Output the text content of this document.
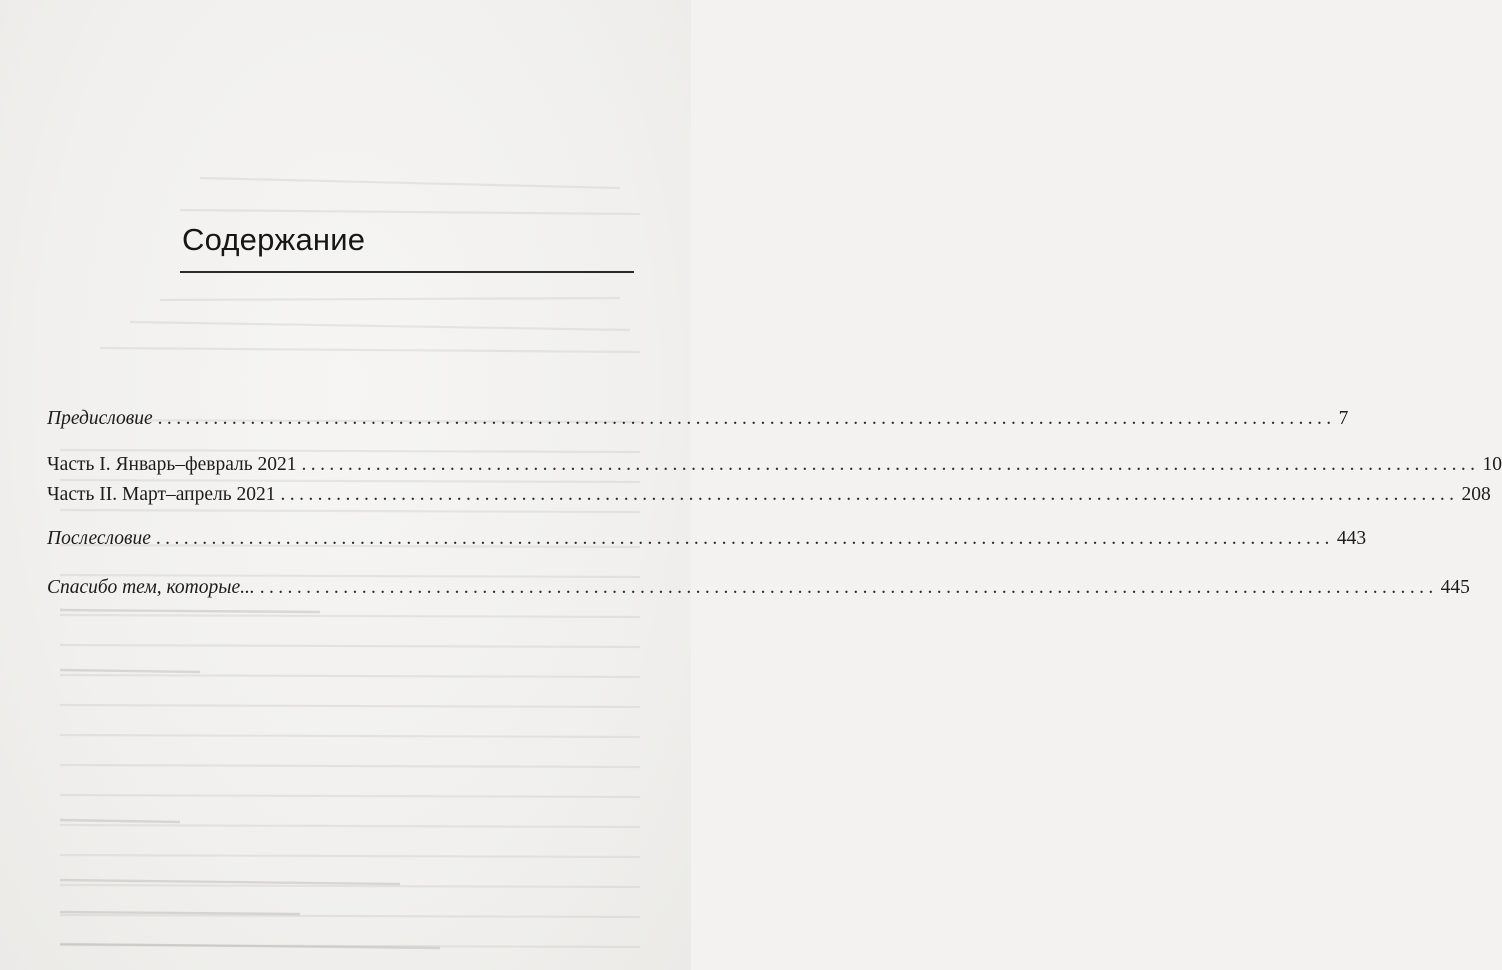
Содержание
Предисловие ............................................................................................................................... 7
Часть I. Январь–февраль 2021 ............................................................................................................................... 10
Часть II. Март–апрель 2021 ............................................................................................................................... 208
Послесловие ............................................................................................................................... 443
Спасибо тем, которые... ............................................................................................................................... 445
